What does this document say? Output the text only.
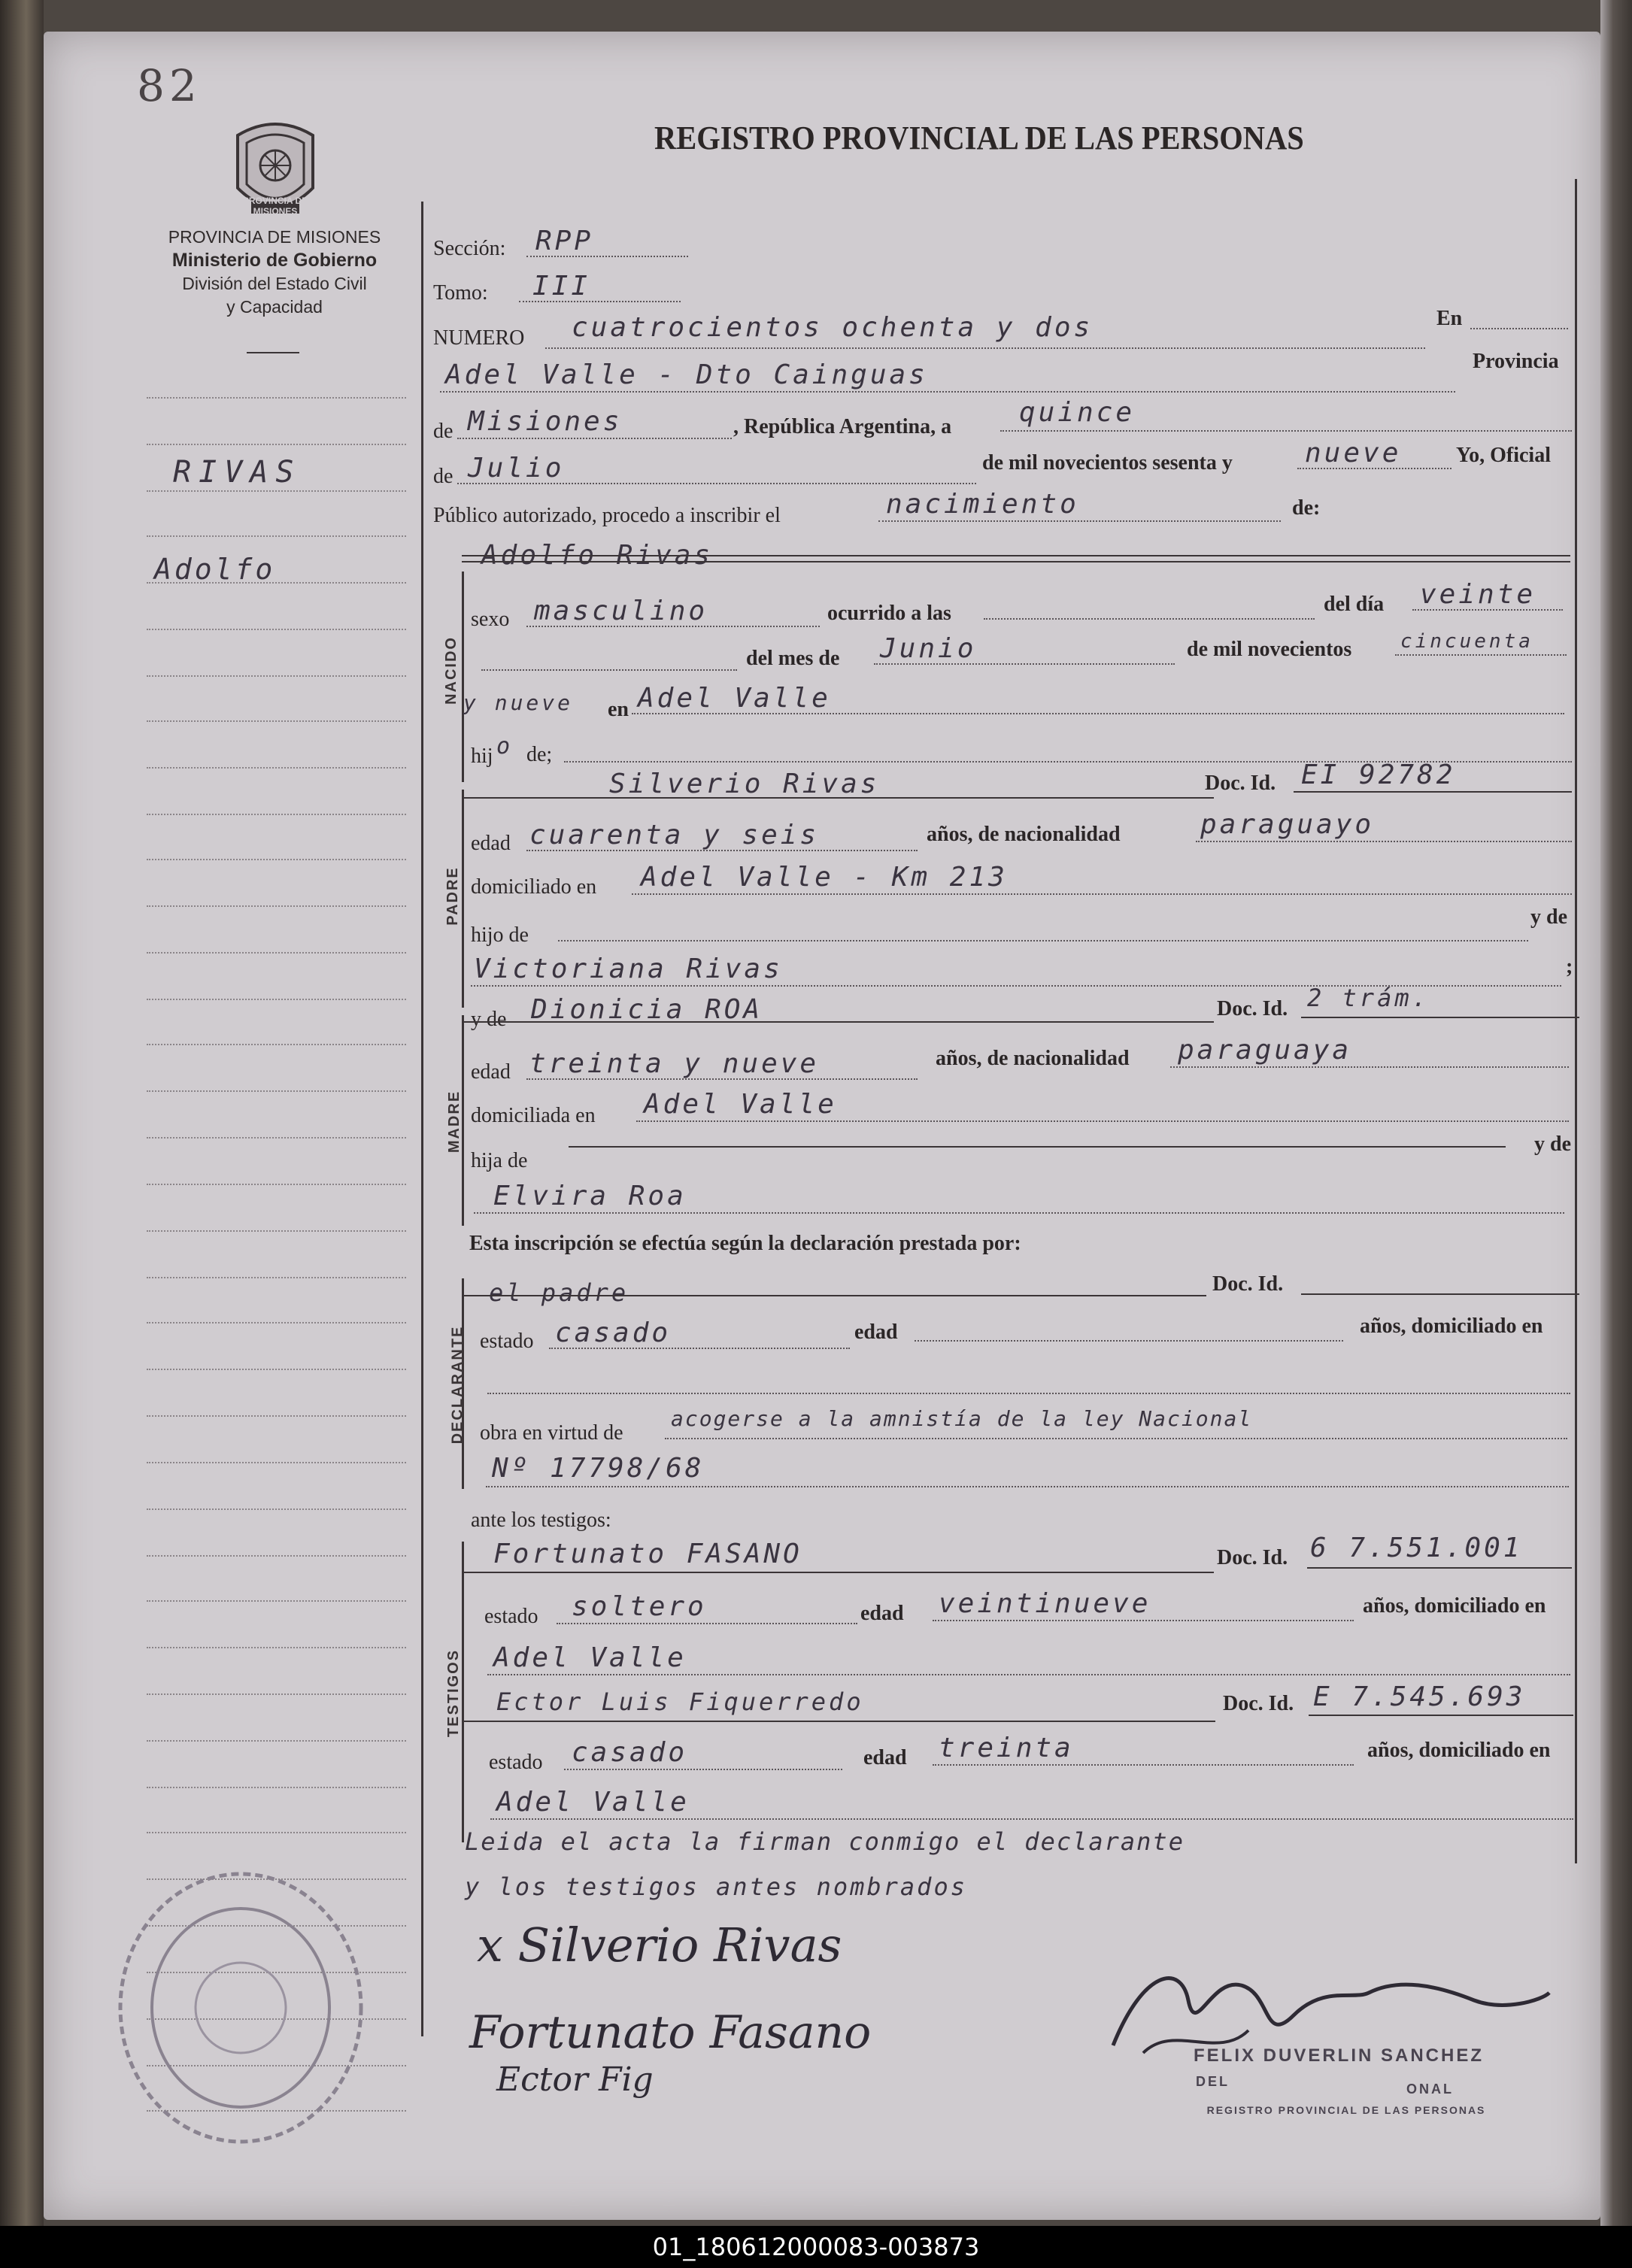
82
PROVINCIA DE MISIONES
PROVINCIA DE MISIONES
Ministerio de Gobierno
División del Estado Civil
y Capacidad
REGISTRO PROVINCIAL DE LAS PERSONAS
RIVAS
Adolfo
NACIDO
PADRE
MADRE
DECLARANTE
TESTIGOS
Sección: RPP
Tomo: III
NUMERO cuatrocientos ochenta y dos	En
Adel Valle - Dto Cainguas	Provincia
de Misiones	, República Argentina, a quince
de Julio	de mil novecientos sesenta y	nueve	Yo, Oficial
Público autorizado, procedo a inscribir el	nacimiento	de:
Adolfo Rivas
sexo masculino	ocurrido a las	del día veinte
del mes de Junio	de mil novecientos cincuenta
y nueve en Adel Valle
hij o de;
Silverio Rivas	Doc. Id. EI 92782
edad cuarenta y seis	años, de nacionalidad	paraguayo
domiciliado en Adel Valle - Km 213
hijo de
y de
Victoriana Rivas	;
y de Dionicia ROA	Doc. Id. 2 trám.
edad treinta y nueve	años, de nacionalidad paraguaya
domiciliada en Adel Valle
hija de
y de
Elvira Roa
Esta inscripción se efectúa según la declaración prestada por:
el padre	Doc. Id.
estado casado	edad	años, domiciliado en
obra en virtud de
acogerse a la amnistía de la ley Nacional
Nº 17798/68
ante los testigos:
Fortunato FASANO	Doc. Id. 6 7.551.001
estado soltero	edad veintinueve	años, domiciliado en
Adel Valle
Ector Luis Fiquerredo	Doc. Id. E 7.545.693
estado casado	edad treinta	años, domiciliado en
Adel Valle
Leida el acta la firman conmigo el declarante
y los testigos antes nombrados
x Silverio Rivas
Fortunato Fasano
Ector Fig
FELIX DUVERLIN SANCHEZ
DEL	ONAL
REGISTRO PROVINCIAL DE LAS PERSONAS
01_180612000083-003873
